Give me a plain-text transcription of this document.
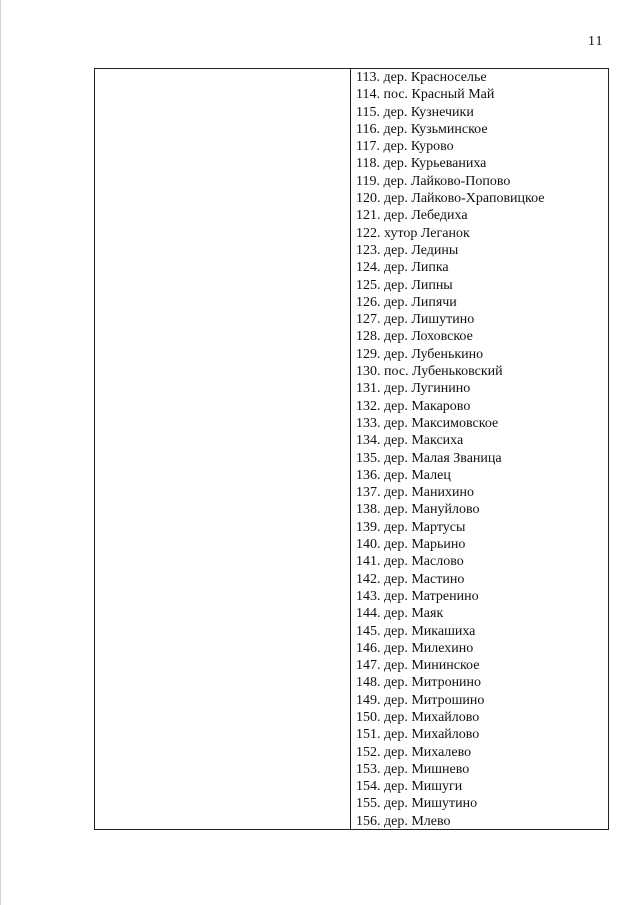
11
113. дер. Красноселье
114. пос. Красный Май
115. дер. Кузнечики
116. дер. Кузьминское
117. дер. Курово
118. дер. Курьеваниха
119. дер. Лайково-Попово
120. дер. Лайково-Храповицкое
121. дер. Лебедиха
122. хутор Леганок
123. дер. Ледины
124. дер. Липка
125. дер. Липны
126. дер. Липячи
127. дер. Лишутино
128. дер. Лоховское
129. дер. Лубенькино
130. пос. Лубеньковский
131. дер. Лугинино
132. дер. Макарово
133. дер. Максимовское
134. дер. Максиха
135. дер. Малая Званица
136. дер. Малец
137. дер. Манихино
138. дер. Мануйлово
139. дер. Мартусы
140. дер. Марьино
141. дер. Маслово
142. дер. Мастино
143. дер. Матренино
144. дер. Маяк
145. дер. Микашиха
146. дер. Милехино
147. дер. Мининское
148. дер. Митронино
149. дер. Митрошино
150. дер. Михайлово
151. дер. Михайлово
152. дер. Михалево
153. дер. Мишнево
154. дер. Мишуги
155. дер. Мишутино
156. дер. Млево
